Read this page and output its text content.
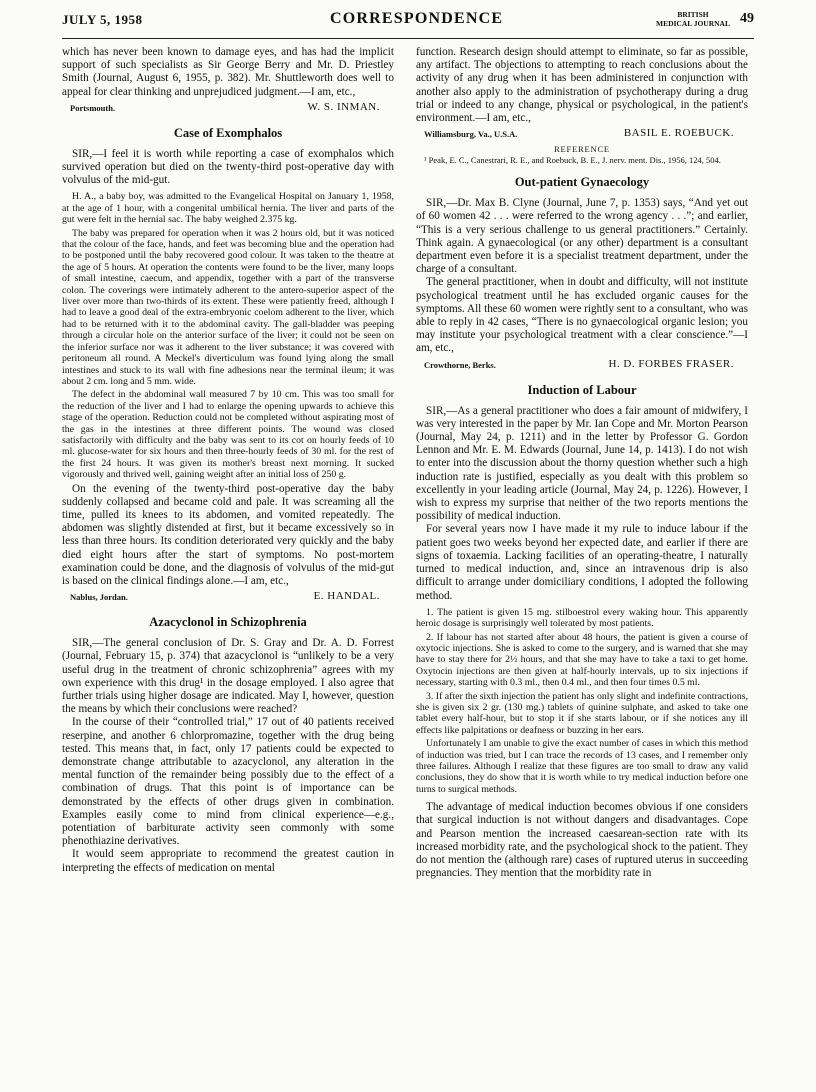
JULY 5, 1958	CORRESPONDENCE	BRITISH
MEDICAL JOURNAL 49

which has never been known to damage eyes, and has had the implicit support of such specialists as Sir George Berry and Mr. D. Priestley Smith (Journal, August 6, 1955, p. 382). Mr. Shuttleworth does well to appeal for clear thinking and unprejudiced judgment.—I am, etc.,

Portsmouth.	W. S. INMAN.
Case of Exomphalos

SIR,—I feel it is worth while reporting a case of exomphalos which survived operation but died on the twenty-third post-operative day with volvulus of the mid-gut.

H. A., a baby boy, was admitted to the Evangelical Hospital on January 1, 1958, at the age of 1 hour, with a congenital umbilical hernia. The liver and parts of the gut were felt in the hernial sac. The baby weighed 2.375 kg.

The baby was prepared for operation when it was 2 hours old, but it was noticed that the colour of the face, hands, and feet was becoming blue and the operation had to be postponed until the baby recovered good colour. It was taken to the theatre at the age of 5 hours. At operation the contents were found to be the liver, many loops of small intestine, caecum, and appendix, together with a part of the transverse colon. The coverings were intimately adherent to the antero-superior aspect of the liver over more than two-thirds of its extent. These were patiently freed, although I had to leave a good deal of the extra-embryonic coelom adherent to the liver, which had to be returned with it to the abdominal cavity. The gall-bladder was peeping through a circular hole on the anterior surface of the liver; it could not be seen on the inferior surface nor was it adherent to the liver substance; it was covered with peritoneum all round. A Meckel's diverticulum was found lying along the small intestines and stuck to its wall with fine adhesions near the terminal ileum; it was about 2 cm. long and 5 mm. wide.

The defect in the abdominal wall measured 7 by 10 cm. This was too small for the reduction of the liver and I had to enlarge the opening upwards to achieve this stage of the operation. Reduction could not be completed without aspirating most of the gas in the intestines at three different points. The wound was closed satisfactorily with difficulty and the baby was sent to its cot on hourly feeds of 10 ml. glucose-water for six hours and then three-hourly feeds of 30 ml. for the rest of the first 24 hours. It was given its mother's breast next morning. It sucked vigorously and thrived well, gaining weight after an initial loss of 250 g.

On the evening of the twenty-third post-operative day the baby suddenly collapsed and became cold and pale. It was screaming all the time, pulled its knees to its abdomen, and vomited repeatedly. The abdomen was slightly distended at first, but it became excessively so in less than three hours. Its condition deteriorated very quickly and the baby died eight hours after the start of symptoms. No post-mortem examination could be done, and the diagnosis of volvulus of the mid-gut is based on the clinical findings alone.—I am, etc.,

Nablus, Jordan.	E. HANDAL.
Azacyclonol in Schizophrenia

SIR,—The general conclusion of Dr. S. Gray and Dr. A. D. Forrest (Journal, February 15, p. 374) that azacyclonol is “unlikely to be a very useful drug in the treatment of chronic schizophrenia” agrees with my own experience with this drug¹ in the dosage employed. I also agree that further trials using higher dosage are indicated. May I, however, question the means by which their conclusions were reached?

In the course of their “controlled trial,” 17 out of 40 patients received reserpine, and another 6 chlorpromazine, together with the drug being tested. This means that, in fact, only 17 patients could be expected to demonstrate change attributable to azacyclonol, any alteration in the mental function of the remainder being possibly due to the effect of a combination of drugs. That this point is of importance can be demonstrated by the effects of other drugs given in combination. Examples easily come to mind from clinical experience—e.g., potentiation of barbiturate activity seen commonly with some phenothiazine derivatives.

It would seem appropriate to recommend the greatest caution in interpreting the effects of medication on mental

function. Research design should attempt to eliminate, so far as possible, any artifact. The objections to attempting to reach conclusions about the activity of any drug when it has been administered in conjunction with another also apply to the administration of psychotherapy during a drug trial or indeed to any change, physical or psychological, in the patient's environment.—I am, etc.,

Williamsburg, Va., U.S.A.	BASIL E. ROEBUCK.
REFERENCE

¹ Peak, E. C., Canestrari, R. E., and Roebuck, B. E., J. nerv. ment. Dis., 1956, 124, 504.

Out-patient Gynaecology

SIR,—Dr. Max B. Clyne (Journal, June 7, p. 1353) says, “And yet out of 60 women 42 . . . were referred to the wrong agency . . .”; and earlier, “This is a very serious challenge to us general practitioners.” Certainly. Think again. A gynaecological (or any other) department is a consultant department even before it is a specialist treatment department, under the charge of a consultant.

The general practitioner, when in doubt and difficulty, will not institute psychological treatment until he has excluded organic causes for the symptoms. All these 60 women were rightly sent to a consultant, who was able to reply in 42 cases, “There is no gynaecological organic lesion; you may institute your psychological treatment with a clear conscience.”—I am, etc.,

Crowthorne, Berks.	H. D. FORBES FRASER.
Induction of Labour

SIR,—As a general practitioner who does a fair amount of midwifery, I was very interested in the paper by Mr. Ian Cope and Mr. Morton Pearson (Journal, May 24, p. 1211) and in the letter by Professor G. Gordon Lennon and Mr. E. M. Edwards (Journal, June 14, p. 1413). I do not wish to enter into the discussion about the thorny question whether such a high induction rate is justified, especially as you dealt with this problem so excellently in your leading article (Journal, May 24, p. 1226). However, I wish to express my surprise that neither of the two reports mentions the possibility of medical induction.

For several years now I have made it my rule to induce labour if the patient goes two weeks beyond her expected date, and earlier if there are signs of toxaemia. Lacking facilities of an operating-theatre, I naturally turned to medical induction, and, since an intravenous drip is also difficult to arrange under domiciliary conditions, I adopted the following method.

1. The patient is given 15 mg. stilboestrol every waking hour. This apparently heroic dosage is surprisingly well tolerated by most patients.

2. If labour has not started after about 48 hours, the patient is given a course of oxytocic injections. She is asked to come to the surgery, and is warned that she may have to stay there for 2½ hours, and that she may have to take a taxi to get home. Oxytocin injections are then given at half-hourly intervals, up to six injections if necessary, starting with 0.3 ml., then 0.4 ml., and then four times 0.5 ml.

3. If after the sixth injection the patient has only slight and indefinite contractions, she is given six 2 gr. (130 mg.) tablets of quinine sulphate, and asked to take one tablet every half-hour, but to stop it if she starts labour, or if she notices any ill effects like palpitations or deafness or buzzing in her ears.

Unfortunately I am unable to give the exact number of cases in which this method of induction was tried, but I can trace the records of 13 cases, and I remember only three failures. Although I realize that these figures are too small to draw any valid conclusions, they do show that it is worth while to try medical induction before one turns to surgical methods.

The advantage of medical induction becomes obvious if one considers that surgical induction is not without dangers and disadvantages. Cope and Pearson mention the increased caesarean-section rate with its increased morbidity rate, and the psychological shock to the patient. They do not mention the (although rare) cases of ruptured uterus in succeeding pregnancies. They mention that the morbidity rate in
